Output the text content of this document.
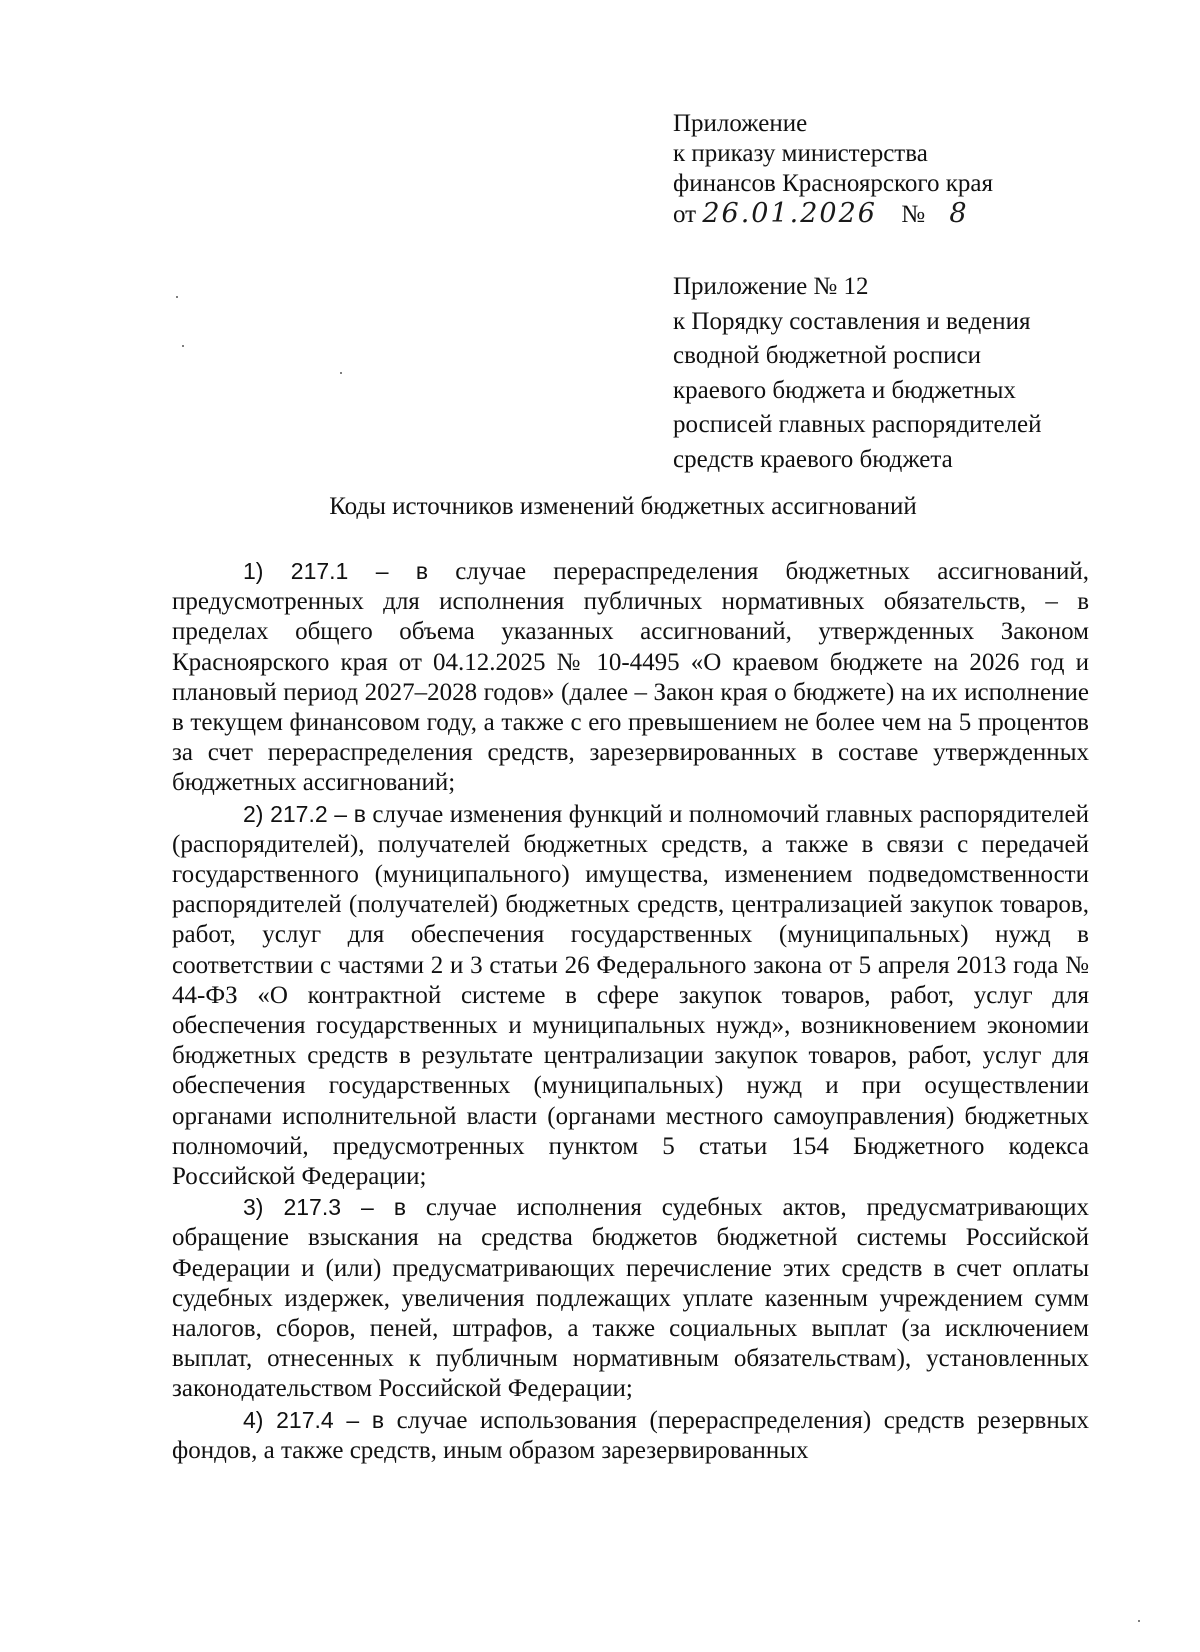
Приложение
к приказу министерства
финансов Красноярского края
от 26.01.2026 № 8
Приложение № 12
к Порядку составления и ведения
сводной бюджетной росписи
краевого бюджета и бюджетных
росписей главных распорядителей
средств краевого бюджета
Коды источников изменений бюджетных ассигнований

1) 217.1 – в случае перераспределения бюджетных ассигнований, предусмотренных для исполнения публичных нормативных обязательств, – в пределах общего объема указанных ассигнований, утвержденных Законом Красноярского края от 04.12.2025 № 10-4495 «О краевом бюджете на 2026 год и плановый период 2027–2028 годов» (далее – Закон края о бюджете) на их исполнение в текущем финансовом году, а также с его превышением не более чем на 5 процентов за счет перераспределения средств, зарезервированных в составе утвержденных бюджетных ассигнований;

2) 217.2 – в случае изменения функций и полномочий главных распорядителей (распорядителей), получателей бюджетных средств, а также в связи с передачей государственного (муниципального) имущества, изменением подведомственности распорядителей (получателей) бюджетных средств, централизацией закупок товаров, работ, услуг для обеспечения государственных (муниципальных) нужд в соответствии с частями 2 и 3 статьи 26 Федерального закона от 5 апреля 2013 года № 44-ФЗ «О контрактной системе в сфере закупок товаров, работ, услуг для обеспечения государственных и муниципальных нужд», возникновением экономии бюджетных средств в результате централизации закупок товаров, работ, услуг для обеспечения государственных (муниципальных) нужд и при осуществлении органами исполнительной власти (органами местного самоуправления) бюджетных полномочий, предусмотренных пунктом 5 статьи 154 Бюджетного кодекса Российской Федерации;

3) 217.3 – в случае исполнения судебных актов, предусматривающих обращение взыскания на средства бюджетов бюджетной системы Российской Федерации и (или) предусматривающих перечисление этих средств в счет оплаты судебных издержек, увеличения подлежащих уплате казенным учреждением сумм налогов, сборов, пеней, штрафов, а также социальных выплат (за исключением выплат, отнесенных к публичным нормативным обязательствам), установленных законодательством Российской Федерации;

4) 217.4 – в случае использования (перераспределения) средств резервных фондов, а также средств, иным образом зарезервированных
